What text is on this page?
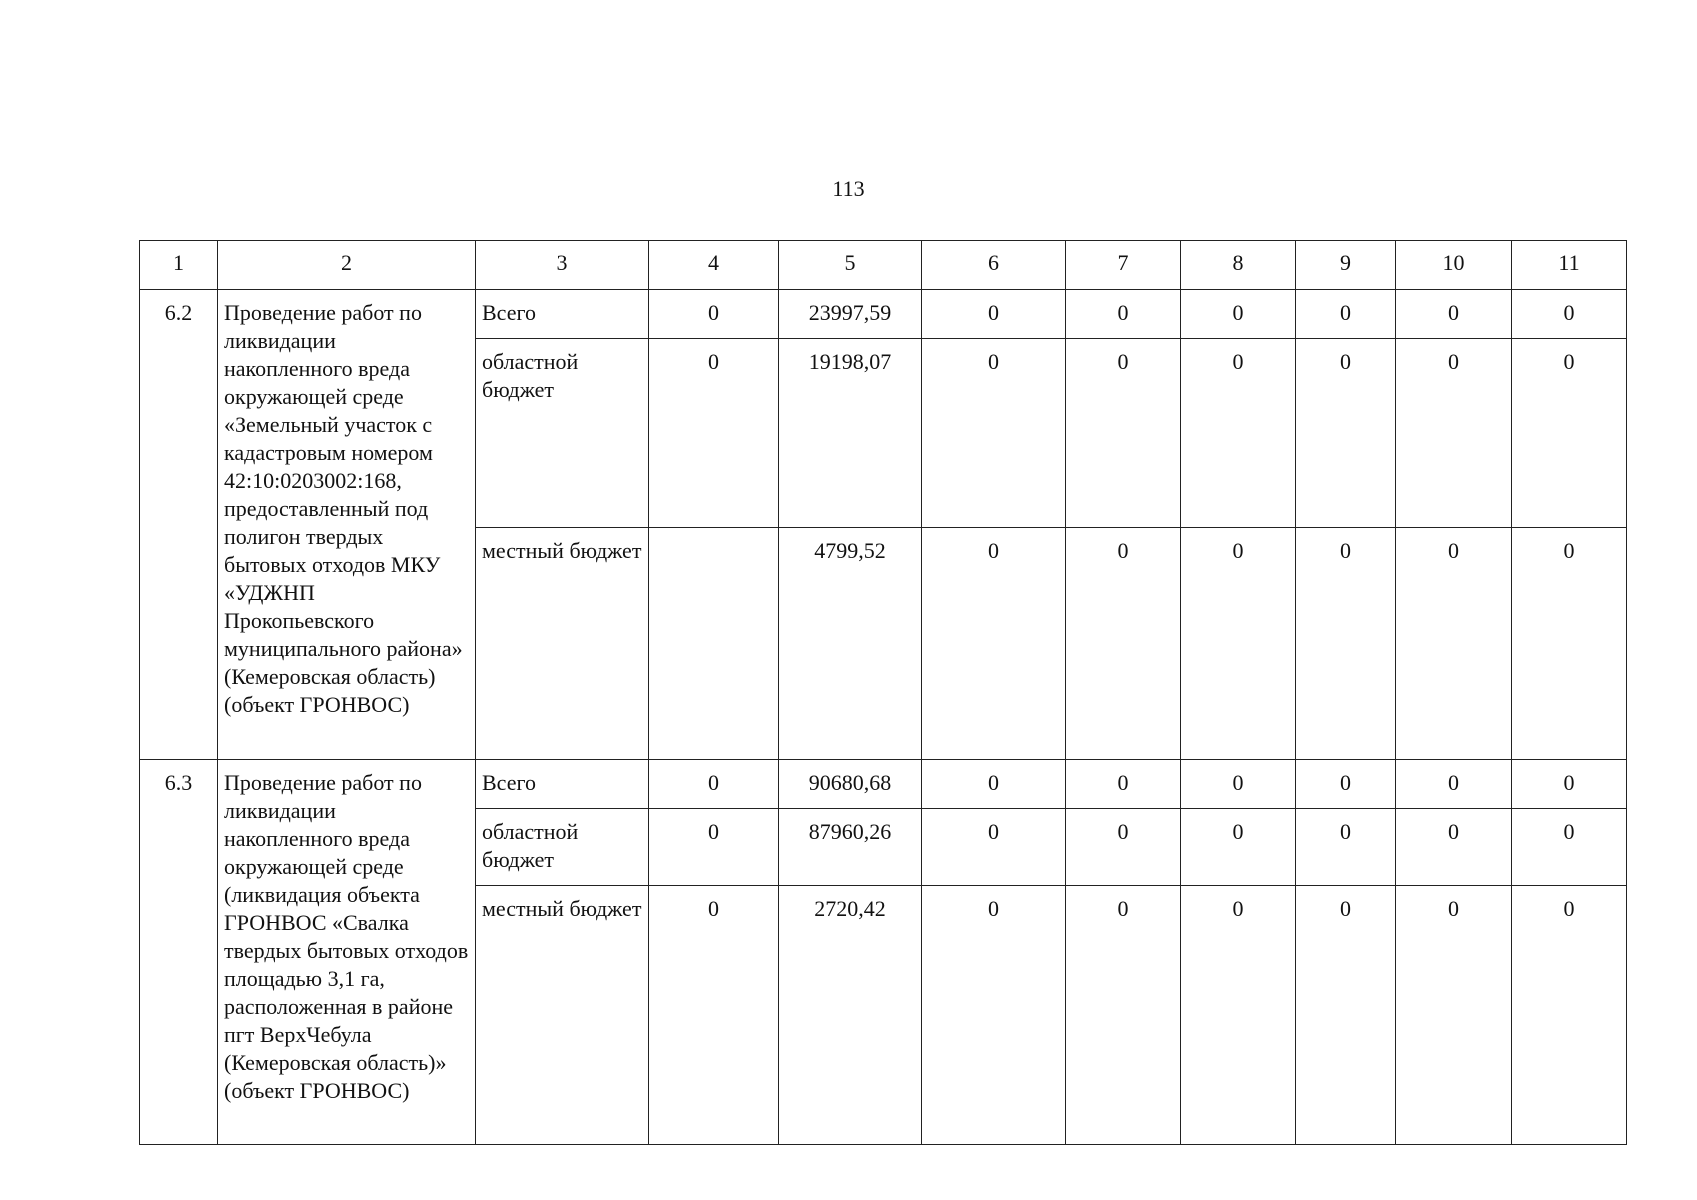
113
1	2	3	4	5	6	7	8	9	10	11
6.2	Проведение работ по ликвидации накопленного вреда окружающей среде «Земельный участок с кадастровым номером 42:10:0203002:168, предоставленный под полигон твердых бытовых отходов МКУ «УДЖНП Прокопьевского муниципального района» (Кемеровская область) (объект ГРОНВОС)	Всего	0	23997,59	0	0	0	0	0	0
		областной бюджет	0	19198,07	0	0	0	0	0	0
		местный бюджет		4799,52	0	0	0	0	0	0
6.3	Проведение работ по ликвидации накопленного вреда окружающей среде (ликвидация объекта ГРОНВОС «Свалка твердых бытовых отходов площадью 3,1 га, расположенная в районе пгт ВерхЧебула (Кемеровская область)» (объект ГРОНВОС)	Всего	0	90680,68	0	0	0	0	0	0
		областной бюджет	0	87960,26	0	0	0	0	0	0
		местный бюджет	0	2720,42	0	0	0	0	0	0
